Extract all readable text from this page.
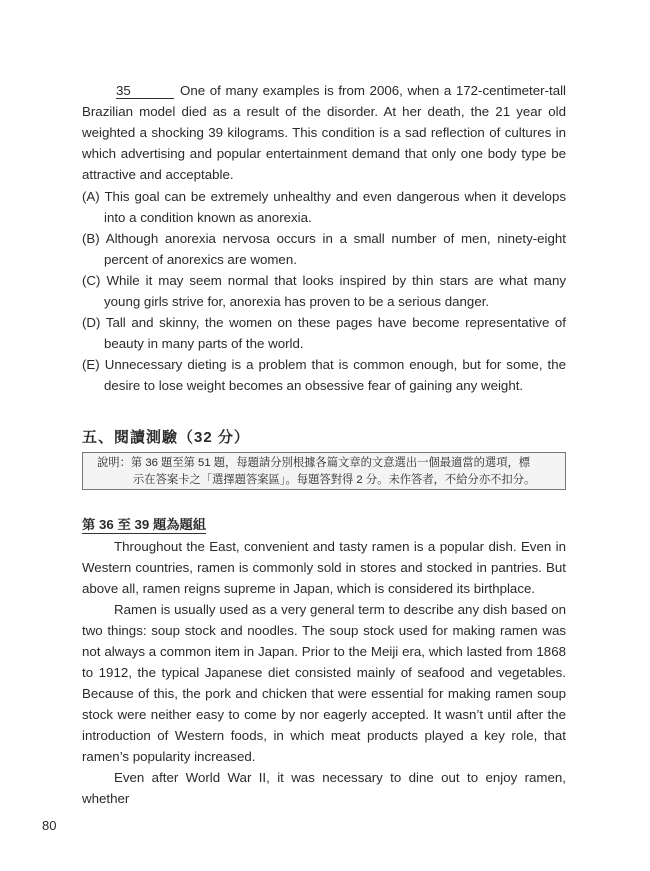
35	One of many examples is from 2006, when a 172-centimeter-tall Brazilian model died as a result of the disorder. At her death, the 21 year old weighted a shocking 39 kilograms. This condition is a sad reflection of cultures in which advertising and popular entertainment demand that only one body type be attractive and acceptable.

(A) This goal can be extremely unhealthy and even dangerous when it develops into a condition known as anorexia.

(B) Although anorexia nervosa occurs in a small number of men, ninety-eight percent of anorexics are women.

(C) While it may seem normal that looks inspired by thin stars are what many young girls strive for, anorexia has proven to be a serious danger.

(D) Tall and skinny, the women on these pages have become representative of beauty in many parts of the world.

(E) Unnecessary dieting is a problem that is common enough, but for some, the desire to lose weight becomes an obsessive fear of gaining any weight.

五、閱讀測驗（32 分）

說明：第 36 題至第 51 題，每題請分別根據各篇文章的文意選出一個最適當的選項，標
示在答案卡之「選擇題答案區」。每題答對得 2 分。未作答者，不給分亦不扣分。

第 36 至 39 題為題組

Throughout the East, convenient and tasty ramen is a popular dish. Even in Western countries, ramen is commonly sold in stores and stocked in pantries. But above all, ramen reigns supreme in Japan, which is considered its birthplace.

Ramen is usually used as a very general term to describe any dish based on two things: soup stock and noodles. The soup stock used for making ramen was not always a common item in Japan. Prior to the Meiji era, which lasted from 1868 to 1912, the typical Japanese diet consisted mainly of seafood and vegetables. Because of this, the pork and chicken that were essential for making ramen soup stock were neither easy to come by nor eagerly accepted. It wasn’t until after the introduction of Western foods, in which meat products played a key role, that ramen’s popularity increased.

Even after World War II, it was necessary to dine out to enjoy ramen, whether

80
